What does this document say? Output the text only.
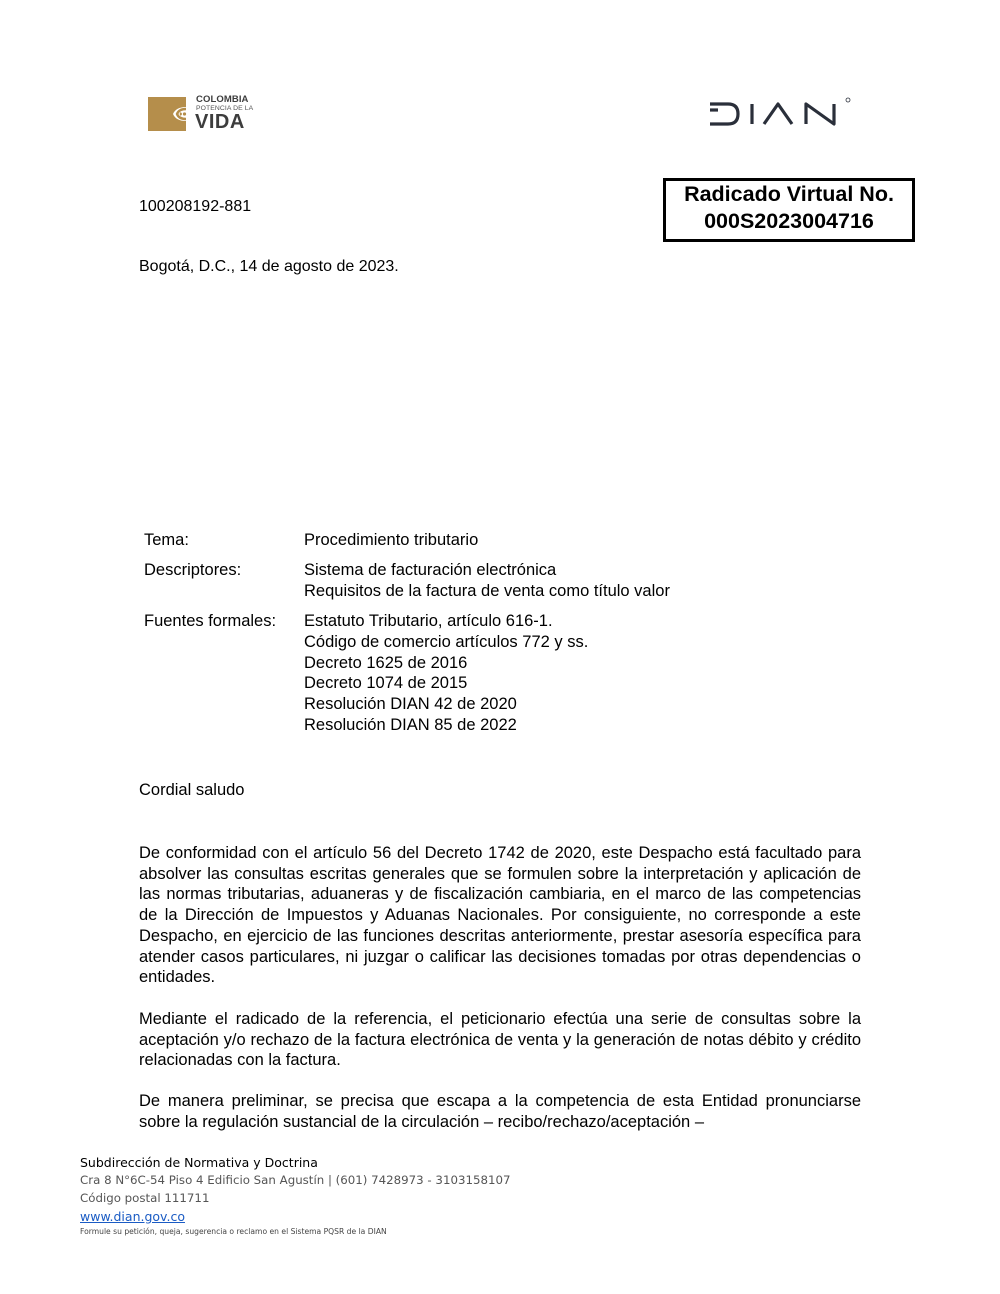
COLOMBIA
POTENCIA DE LA
VIDA
100208192-881
Radicado Virtual No.
000S2023004716
Bogotá, D.C., 14 de agosto de 2023.
Tema:	Procedimiento tributario
Descriptores:	Sistema de facturación electrónica
Requisitos de la factura de venta como título valor
Fuentes formales: Estatuto Tributario, artículo 616-1.
Código de comercio artículos 772 y ss.
Decreto 1625 de 2016
Decreto 1074 de 2015
Resolución DIAN 42 de 2020
Resolución DIAN 85 de 2022
Cordial saludo
De conformidad con el artículo 56 del Decreto 1742 de 2020, este Despacho está facultado para absolver las consultas escritas generales que se formulen sobre la interpretación y aplicación de las normas tributarias, aduaneras y de fiscalización cambiaria, en el marco de las competencias de la Dirección de Impuestos y Aduanas Nacionales. Por consiguiente, no corresponde a este Despacho, en ejercicio de las funciones descritas anteriormente, prestar asesoría específica para atender casos particulares, ni juzgar o calificar las decisiones tomadas por otras dependencias o entidades.
Mediante el radicado de la referencia, el peticionario efectúa una serie de consultas sobre la aceptación y/o rechazo de la factura electrónica de venta y la generación de notas débito y crédito relacionadas con la factura.
De manera preliminar, se precisa que escapa a la competencia de esta Entidad pronunciarse sobre la regulación sustancial de la circulación – recibo/rechazo/aceptación –
Subdirección de Normativa y Doctrina
Cra 8 N°6C-54 Piso 4 Edificio San Agustín | (601) 7428973 - 3103158107
Código postal 111711
www.dian.gov.co
Formule su petición, queja, sugerencia o reclamo en el Sistema PQSR de la DIAN
